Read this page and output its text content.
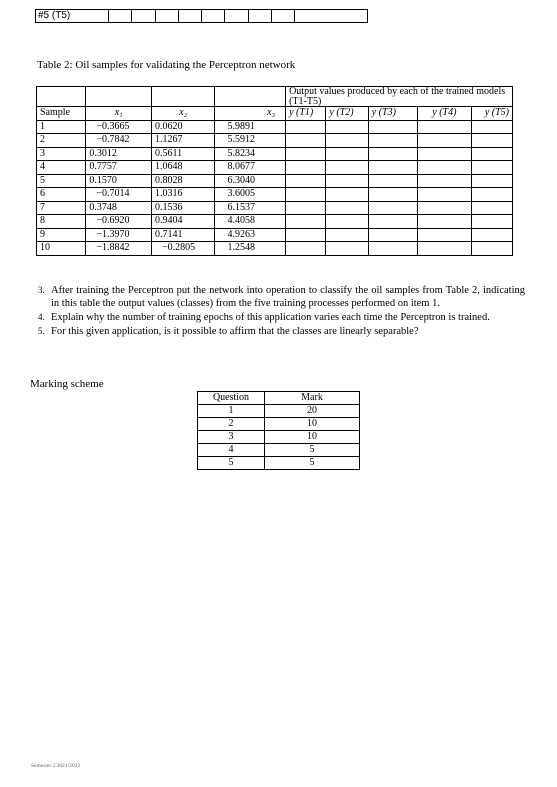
#5 (T5)									
Table 2: Oil samples for validating the Perceptron network
				Output values produced by each of the trained models (T1-T5)				
Sample	x₁	x₂	x₃	y (T1)	y (T2)	y (T3)	y (T4)	y (T5)
1	−0.3665	0.0620	5.9891					
2	−0.7842	1.1267	5.5912					
3	0.3012	0.5611	5.8234					
4	0.7757	1.0648	8.0677					
5	0.1570	0.8028	6.3040					
6	−0.7014	1.0316	3.6005					
7	0.3748	0.1536	6.1537					
8	−0.6920	0.9404	4.4058					
9	−1.3970	0.7141	4.9263					
10	−1.8842	−0.2805	1.2548					
3. After training the Perceptron put the network into operation to classify the oil samples from Table 2, indicating in this table the output values (classes) from the five training processes performed on item 1.
4. Explain why the number of training epochs of this application varies each time the Perceptron is trained.
5. For this given application, is it possible to affirm that the classes are linearly separable?
Marking scheme
Question	Mark
1	20
2	10
3	10
4	5
5	5
Semester 2 2021/2022
